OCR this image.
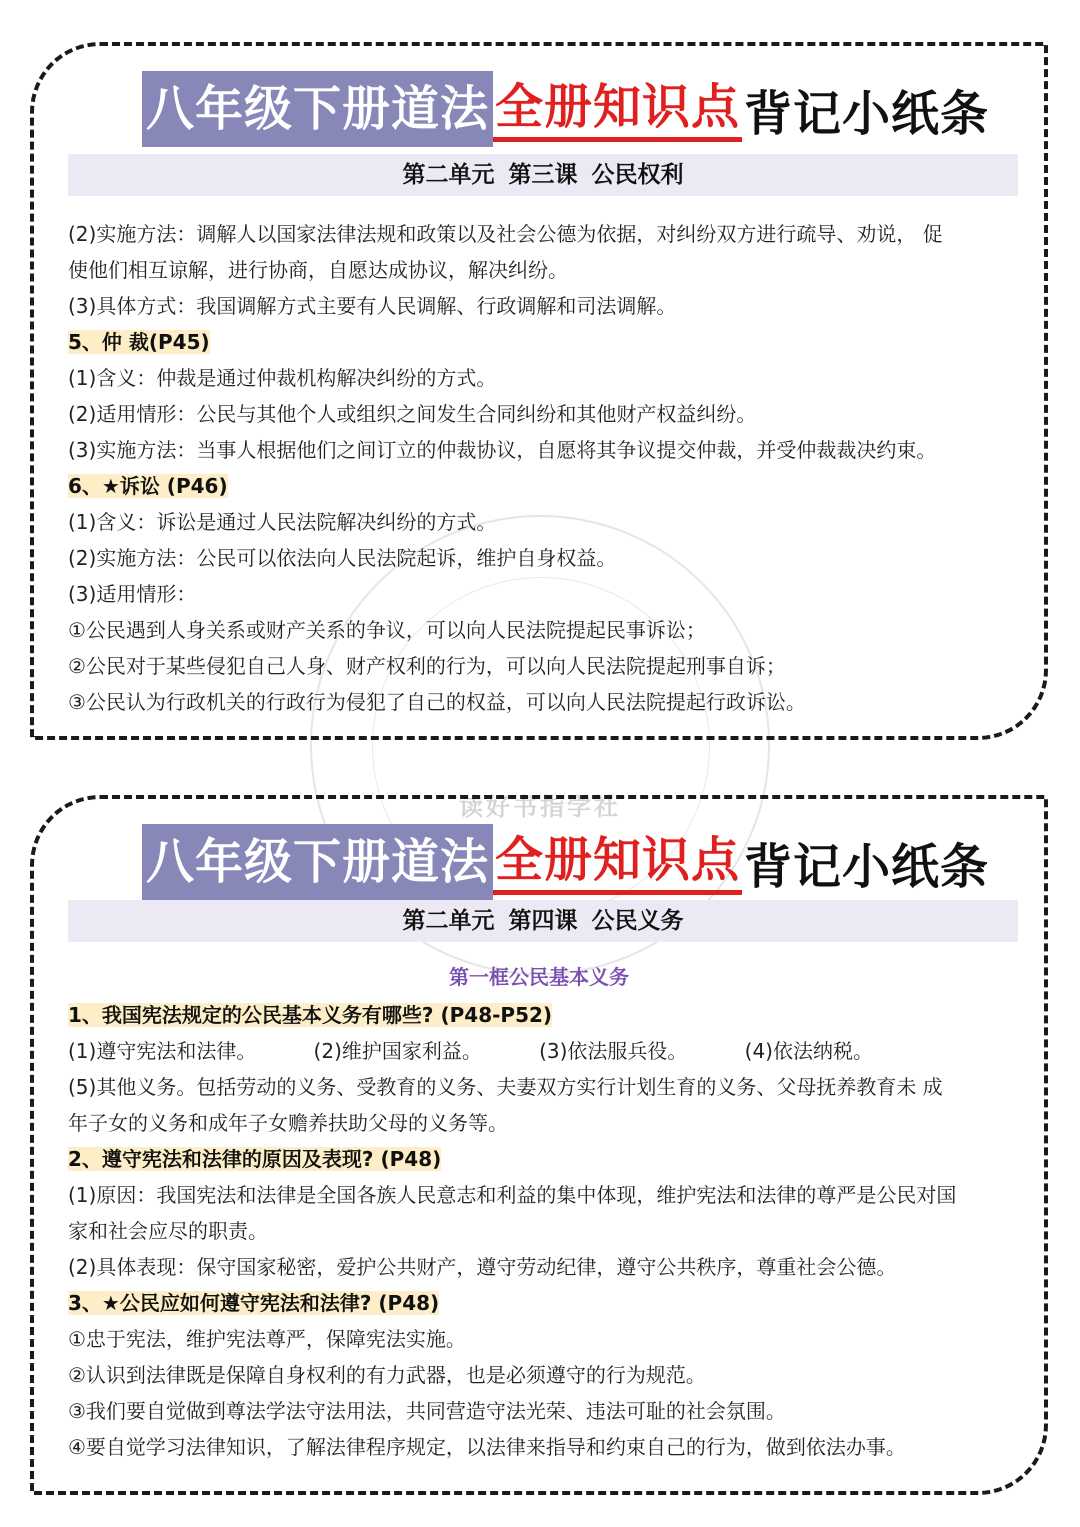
读好书指学社
八年级下册道法 全册知识点 背记小纸条
第二单元 第三课 公民权利
(2)实施方法：调解人以国家法律法规和政策以及社会公德为依据，对纠纷双方进行疏导、劝说， 促
使他们相互谅解，进行协商，自愿达成协议，解决纠纷。
(3)具体方式：我国调解方式主要有人民调解、行政调解和司法调解。
5、仲 裁(P45)
(1)含义：仲裁是通过仲裁机构解决纠纷的方式。
(2)适用情形：公民与其他个人或组织之间发生合同纠纷和其他财产权益纠纷。
(3)实施方法：当事人根据他们之间订立的仲裁协议，自愿将其争议提交仲裁，并受仲裁裁决约束。
6、★诉讼 (P46)
(1)含义：诉讼是通过人民法院解决纠纷的方式。
(2)实施方法：公民可以依法向人民法院起诉，维护自身权益。
(3)适用情形：
①公民遇到人身关系或财产关系的争议，可以向人民法院提起民事诉讼；
②公民对于某些侵犯自己人身、财产权利的行为，可以向人民法院提起刑事自诉；
③公民认为行政机关的行政行为侵犯了自己的权益，可以向人民法院提起行政诉讼。
八年级下册道法 全册知识点 背记小纸条
第二单元 第四课 公民义务
第一框公民基本义务
1、我国宪法规定的公民基本义务有哪些? (P48-P52)
(1)遵守宪法和法律。         (2)维护国家利益。         (3)依法服兵役。         (4)依法纳税。
(5)其他义务。包括劳动的义务、受教育的义务、夫妻双方实行计划生育的义务、父母抚养教育未 成
年子女的义务和成年子女赡养扶助父母的义务等。
2、遵守宪法和法律的原因及表现? (P48)
(1)原因：我国宪法和法律是全国各族人民意志和利益的集中体现，维护宪法和法律的尊严是公民对国
家和社会应尽的职责。
(2)具体表现：保守国家秘密，爱护公共财产，遵守劳动纪律，遵守公共秩序，尊重社会公德。
3、★公民应如何遵守宪法和法律? (P48)
①忠于宪法，维护宪法尊严，保障宪法实施。
②认识到法律既是保障自身权利的有力武器，也是必须遵守的行为规范。
③我们要自觉做到尊法学法守法用法，共同营造守法光荣、违法可耻的社会氛围。
④要自觉学习法律知识，了解法律程序规定，以法律来指导和约束自己的行为，做到依法办事。
